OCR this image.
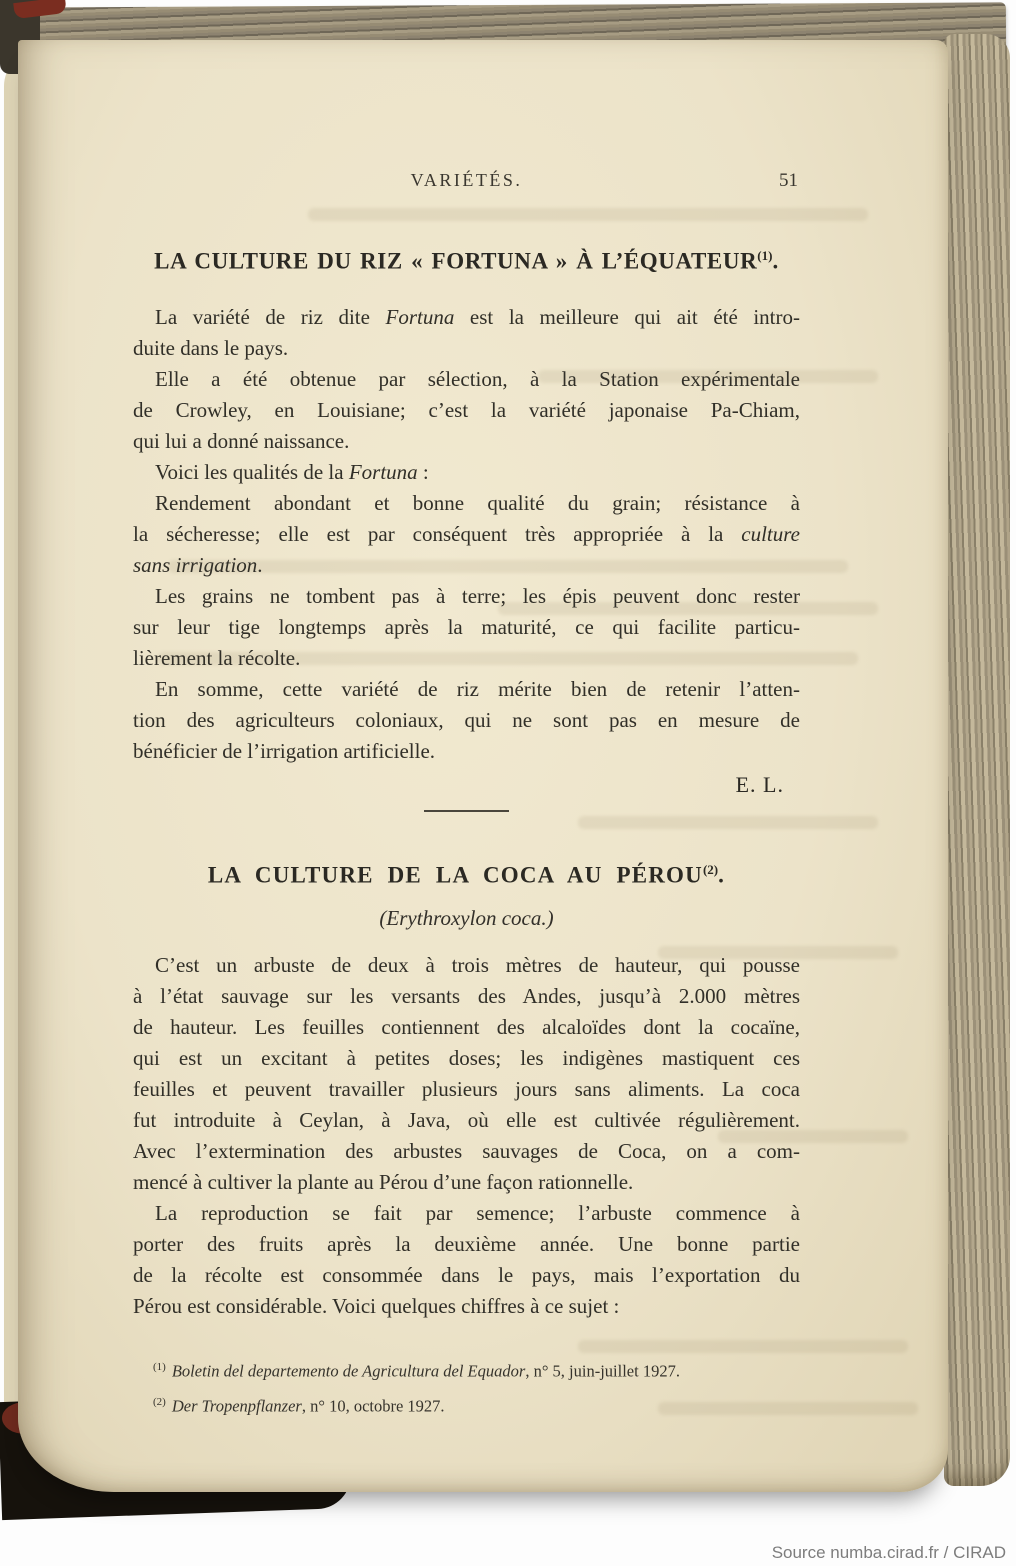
VARIÉTÉS.	51
LA CULTURE DU RIZ « FORTUNA » À L’ÉQUATEUR$^{(1)}$.
La variété de riz dite Fortuna est la meilleure qui ait été intro-
duite dans le pays.
Elle a été obtenue par sélection, à la Station expérimentale
de Crowley, en Louisiane; c’est la variété japonaise Pa-Chiam,
qui lui a donné naissance.
Voici les qualités de la Fortuna :
Rendement abondant et bonne qualité du grain; résistance à
la sécheresse; elle est par conséquent très appropriée à la culture
sans irrigation.
Les grains ne tombent pas à terre; les épis peuvent donc rester
sur leur tige longtemps après la maturité, ce qui facilite particu-
lièrement la récolte.
En somme, cette variété de riz mérite bien de retenir l’atten-
tion des agriculteurs coloniaux, qui ne sont pas en mesure de
bénéficier de l’irrigation artificielle.
E. L.
LA CULTURE DE LA COCA AU PÉROU$^{(2)}$.
(Erythroxylon coca.)
C’est un arbuste de deux à trois mètres de hauteur, qui pousse
à l’état sauvage sur les versants des Andes, jusqu’à 2.000 mètres
de hauteur. Les feuilles contiennent des alcaloïdes dont la cocaïne,
qui est un excitant à petites doses; les indigènes mastiquent ces
feuilles et peuvent travailler plusieurs jours sans aliments. La coca
fut introduite à Ceylan, à Java, où elle est cultivée régulièrement.
Avec l’extermination des arbustes sauvages de Coca, on a com-
mencé à cultiver la plante au Pérou d’une façon rationnelle.
La reproduction se fait par semence; l’arbuste commence à
porter des fruits après la deuxième année. Une bonne partie
de la récolte est consommée dans le pays, mais l’exportation du
Pérou est considérable. Voici quelques chiffres à ce sujet :
$^{(1)}$ Boletin del departemento de Agricultura del Equador, n° 5, juin-juillet 1927.
$^{(2)}$ Der Tropenpflanzer, n° 10, octobre 1927.
Source numba.cirad.fr / CIRAD
